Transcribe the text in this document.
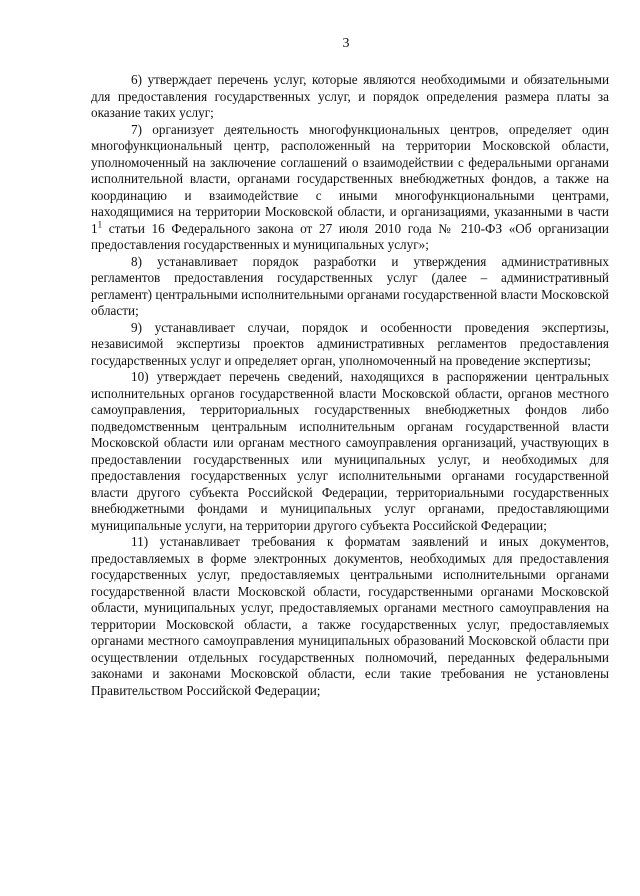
3

6) утверждает перечень услуг, которые являются необходимыми и обязательными для предоставления государственных услуг, и порядок определения размера платы за оказание таких услуг;

7) организует деятельность многофункциональных центров, определяет один многофункциональный центр, расположенный на территории Московской области, уполномоченный на заключение соглашений о взаимодействии с федеральными органами исполнительной власти, органами государственных внебюджетных фондов, а также на координацию и взаимодействие с иными многофункциональными центрами, находящимися на территории Московской области, и организациями, указанными в части $1^1$ статьи 16 Федерального закона от 27 июля 2010 года № 210-ФЗ «Об организации предоставления государственных и муниципальных услуг»;

8) устанавливает порядок разработки и утверждения административных регламентов предоставления государственных услуг (далее – административный регламент) центральными исполнительными органами государственной власти Московской области;

9) устанавливает случаи, порядок и особенности проведения экспертизы, независимой экспертизы проектов административных регламентов предоставления государственных услуг и определяет орган, уполномоченный на проведение экспертизы;

10) утверждает перечень сведений, находящихся в распоряжении центральных исполнительных органов государственной власти Московской области, органов местного самоуправления, территориальных государственных внебюджетных фондов либо подведомственным центральным исполнительным органам государственной власти Московской области или органам местного самоуправления организаций, участвующих в предоставлении государственных или муниципальных услуг, и необходимых для предоставления государственных услуг исполнительными органами государственной власти другого субъекта Российской Федерации, территориальными государственных внебюджетными фондами и муниципальных услуг органами, предоставляющими муниципальные услуги, на территории другого субъекта Российской Федерации;

11) устанавливает требования к форматам заявлений и иных документов, предоставляемых в форме электронных документов, необходимых для предоставления государственных услуг, предоставляемых центральными исполнительными органами государственной власти Московской области, государственными органами Московской области, муниципальных услуг, предоставляемых органами местного самоуправления на территории Московской области, а также государственных услуг, предоставляемых органами местного самоуправления муниципальных образований Московской области при осуществлении отдельных государственных полномочий, переданных федеральными законами и законами Московской области, если такие требования не установлены Правительством Российской Федерации;
